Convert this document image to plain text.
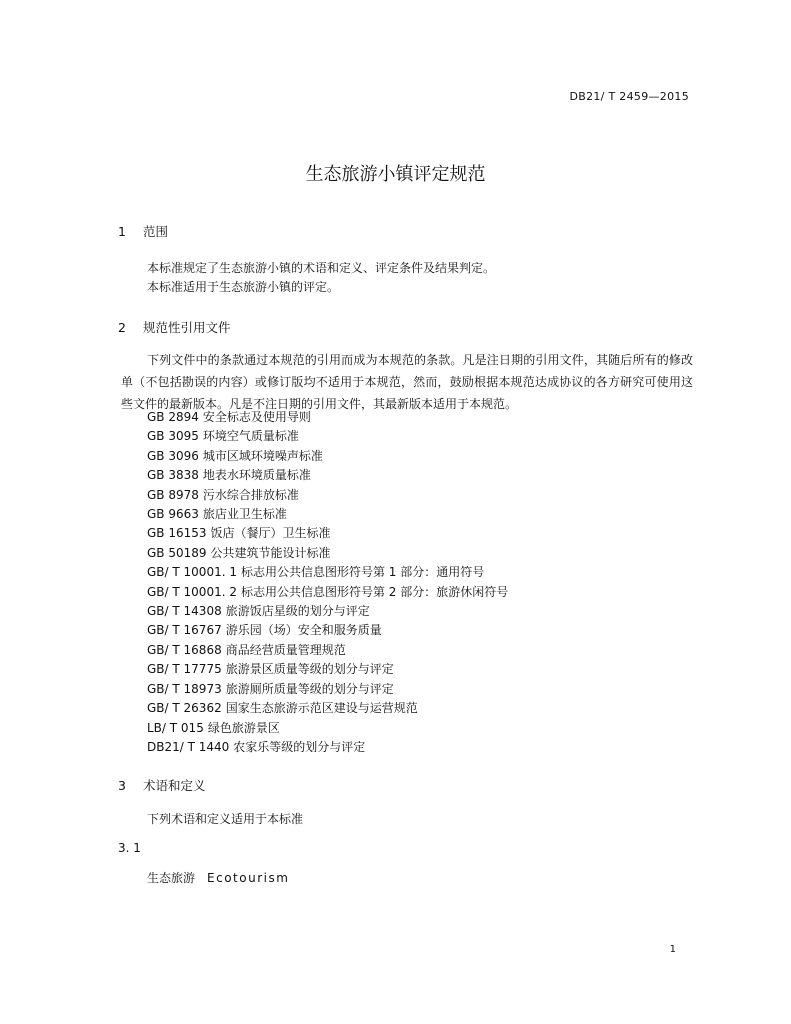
DB21/ T 2459—2015
生态旅游小镇评定规范
1 范围
本标准规定了生态旅游小镇的术语和定义、评定条件及结果判定。
本标准适用于生态旅游小镇的评定。
2 规范性引用文件
下列文件中的条款通过本规范的引用而成为本规范的条款。凡是注日期的引用文件，其随后所有的修改单（不包括勘误的内容）或修订版均不适用于本规范，然而，鼓励根据本规范达成协议的各方研究可使用这些文件的最新版本。凡是不注日期的引用文件，其最新版本适用于本规范。
GB 2894 安全标志及使用导则
GB 3095 环境空气质量标准
GB 3096 城市区域环境噪声标准
GB 3838 地表水环境质量标准
GB 8978 污水综合排放标准
GB 9663 旅店业卫生标准
GB 16153 饭店（餐厅）卫生标准
GB 50189 公共建筑节能设计标准
GB/ T 10001. 1 标志用公共信息图形符号第 1 部分：通用符号
GB/ T 10001. 2 标志用公共信息图形符号第 2 部分：旅游休闲符号
GB/ T 14308 旅游饭店星级的划分与评定
GB/ T 16767 游乐园（场）安全和服务质量
GB/ T 16868 商品经营质量管理规范
GB/ T 17775 旅游景区质量等级的划分与评定
GB/ T 18973 旅游厕所质量等级的划分与评定
GB/ T 26362 国家生态旅游示范区建设与运营规范
LB/ T 015 绿色旅游景区
DB21/ T 1440 农家乐等级的划分与评定
3 术语和定义
下列术语和定义适用于本标准
3. 1
生态旅游 Ecotourism
1
